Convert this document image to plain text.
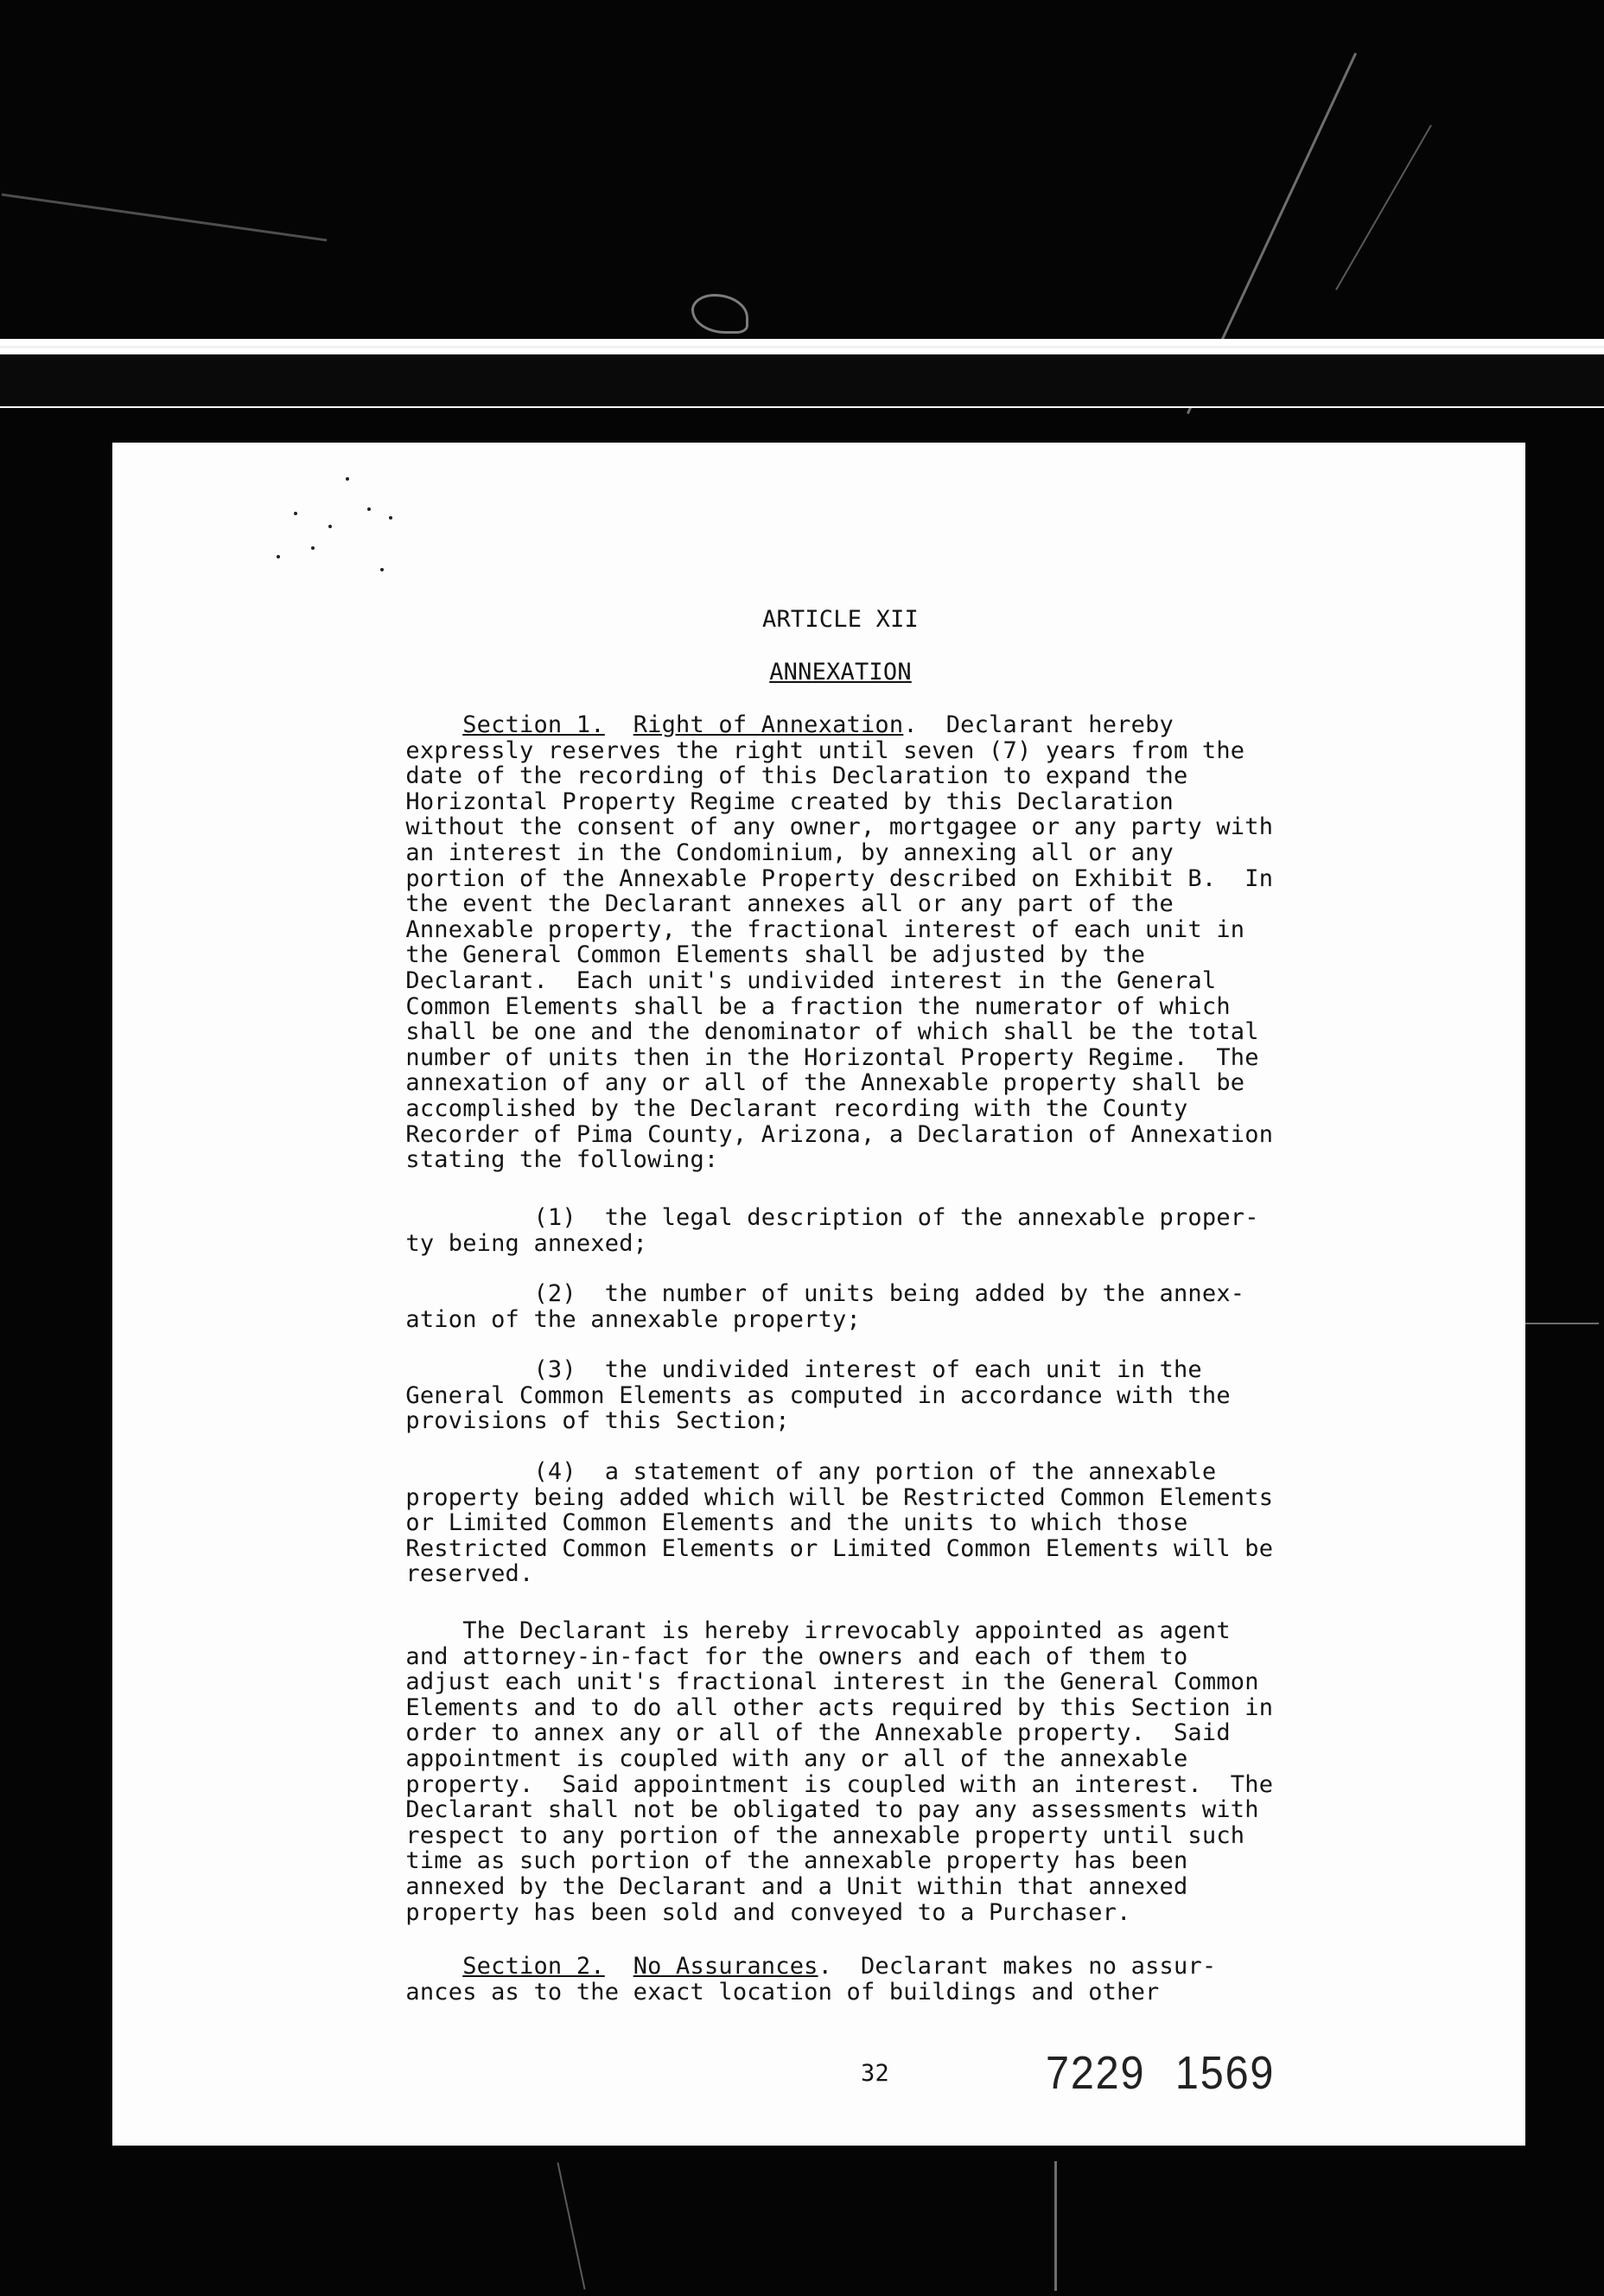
ARTICLE XII
ANNEXATION
Section 1. Right of Annexation.  Declarant hereby
expressly reserves the right until seven (7) years from the
date of the recording of this Declaration to expand the
Horizontal Property Regime created by this Declaration
without the consent of any owner, mortgagee or any party with
an interest in the Condominium, by annexing all or any
portion of the Annexable Property described on Exhibit B.  In
the event the Declarant annexes all or any part of the
Annexable property, the fractional interest of each unit in
the General Common Elements shall be adjusted by the
Declarant.  Each unit's undivided interest in the General
Common Elements shall be a fraction the numerator of which
shall be one and the denominator of which shall be the total
number of units then in the Horizontal Property Regime.  The
annexation of any or all of the Annexable property shall be
accomplished by the Declarant recording with the County
Recorder of Pima County, Arizona, a Declaration of Annexation
stating the following:
(1)  the legal description of the annexable proper-
ty being annexed;
(2)  the number of units being added by the annex-
ation of the annexable property;
(3)  the undivided interest of each unit in the
General Common Elements as computed in accordance with the
provisions of this Section;
(4)  a statement of any portion of the annexable
property being added which will be Restricted Common Elements
or Limited Common Elements and the units to which those
Restricted Common Elements or Limited Common Elements will be
reserved.
The Declarant is hereby irrevocably appointed as agent
and attorney-in-fact for the owners and each of them to
adjust each unit's fractional interest in the General Common
Elements and to do all other acts required by this Section in
order to annex any or all of the Annexable property.  Said
appointment is coupled with any or all of the annexable
property.  Said appointment is coupled with an interest.  The
Declarant shall not be obligated to pay any assessments with
respect to any portion of the annexable property until such
time as such portion of the annexable property has been
annexed by the Declarant and a Unit within that annexed
property has been sold and conveyed to a Purchaser.
Section 2. No Assurances.  Declarant makes no assur-
ances as to the exact location of buildings and other
32	7229   1569
